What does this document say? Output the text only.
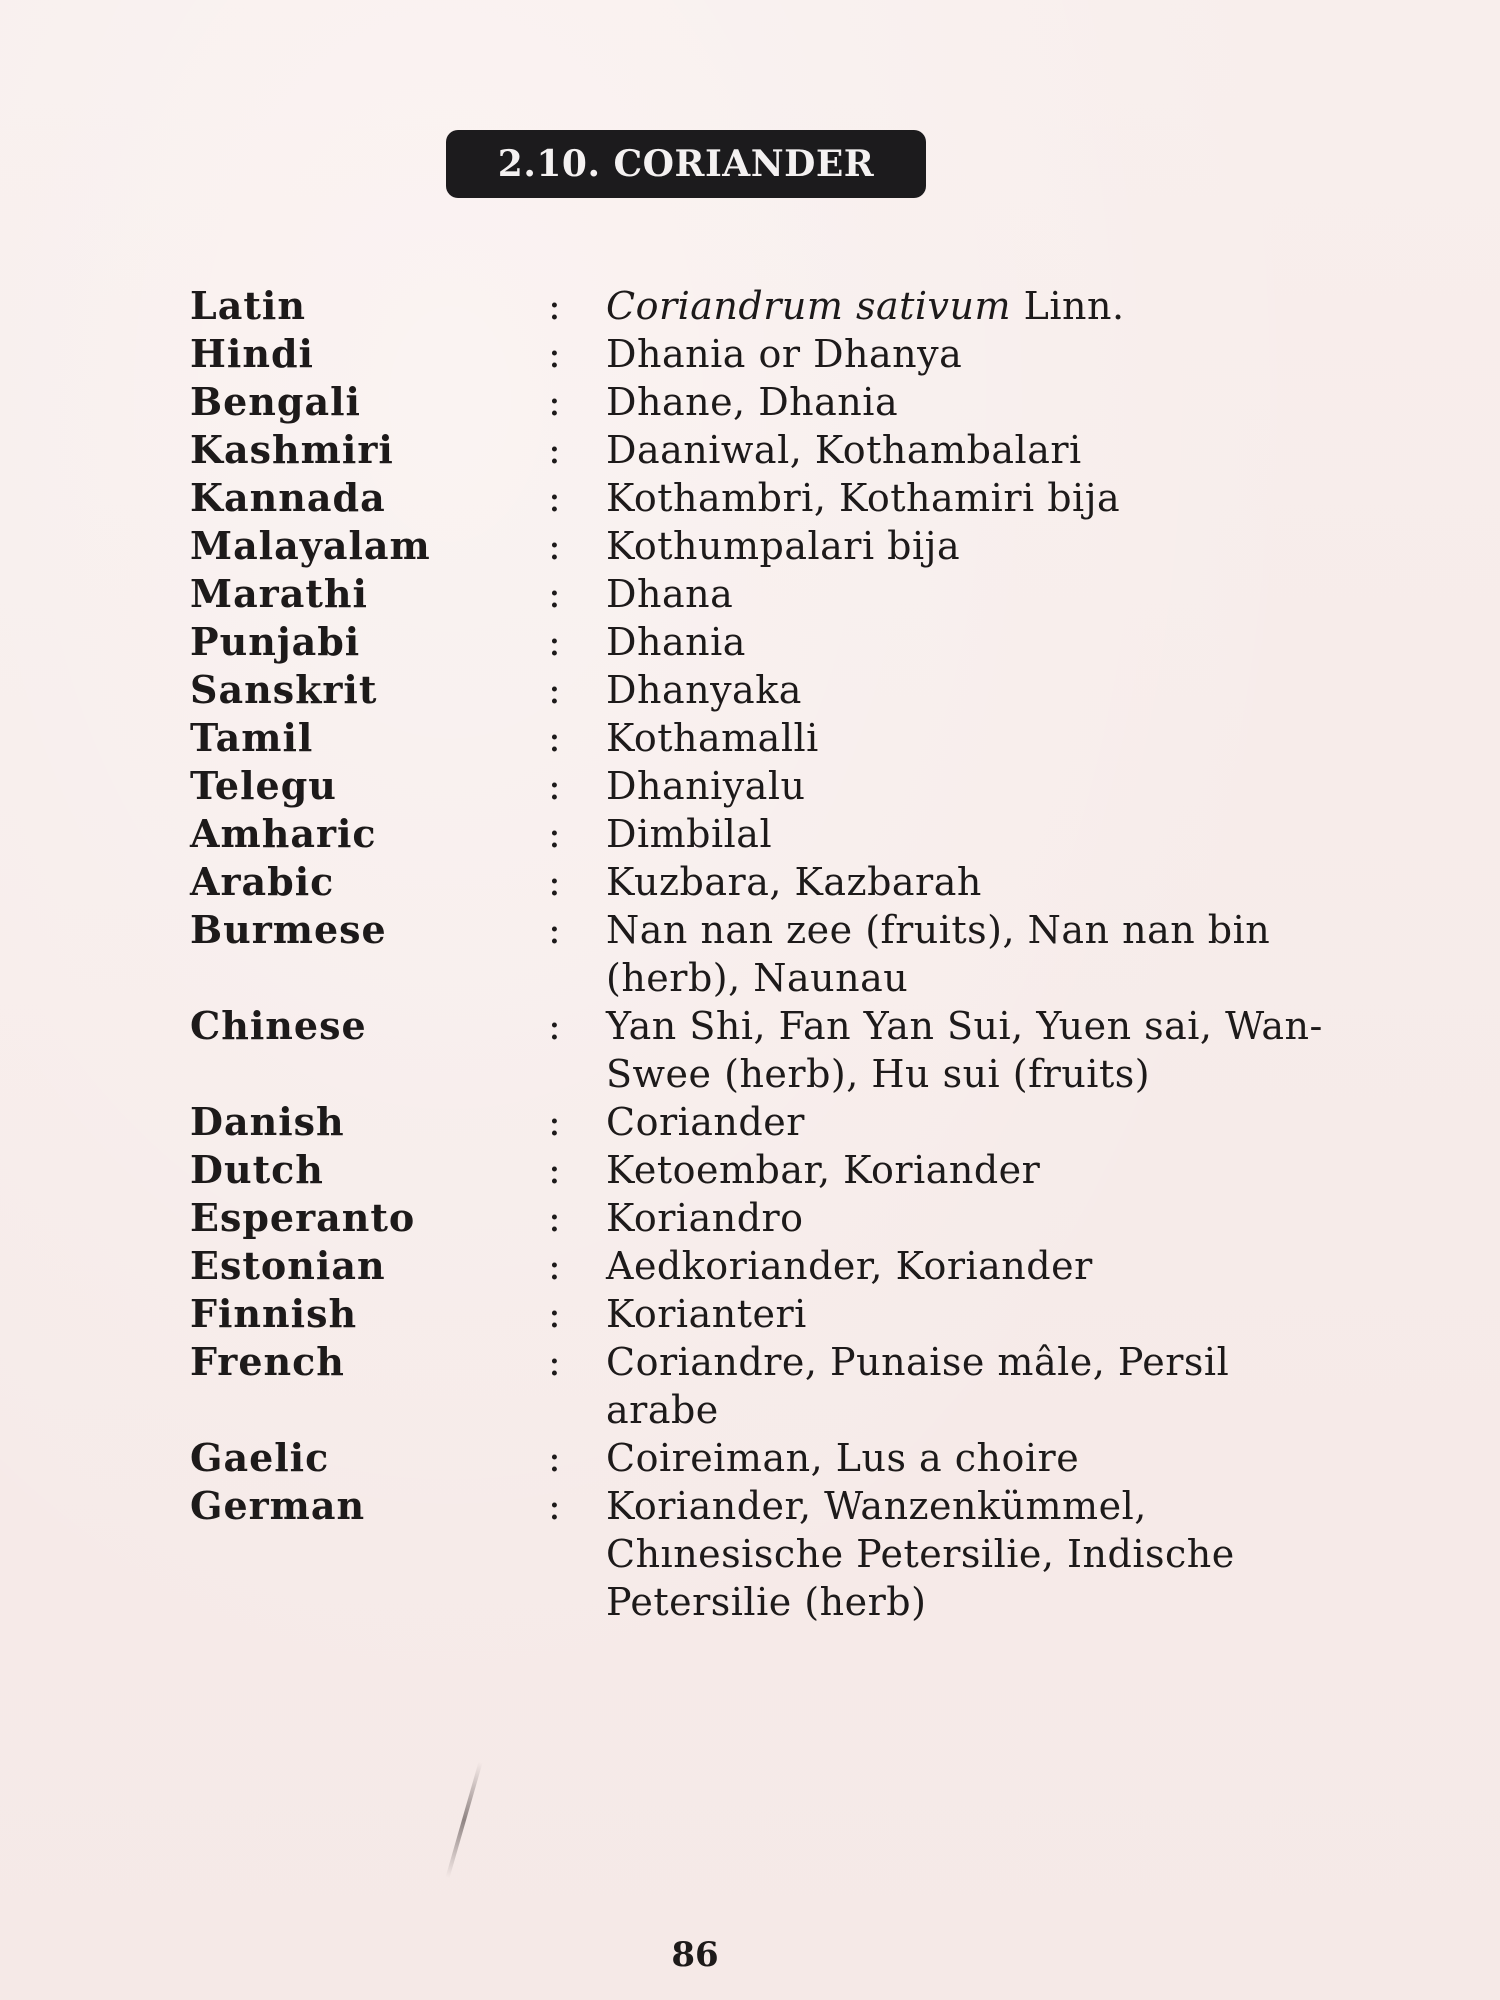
2.10. CORIANDER
Latin	:	Coriandrum sativum Linn.
Hindi	:	Dhania or Dhanya
Bengali	:	Dhane, Dhania
Kashmiri	:	Daaniwal, Kothambalari
Kannada	:	Kothambri, Kothamiri bija
Malayalam	:	Kothumpalari bija
Marathi	:	Dhana
Punjabi	:	Dhania
Sanskrit	:	Dhanyaka
Tamil	:	Kothamalli
Telegu	:	Dhaniyalu
Amharic	:	Dimbilal
Arabic	:	Kuzbara, Kazbarah
Burmese	:	Nan nan zee (fruits), Nan nan bin (herb), Naunau
Chinese	:	Yan Shi, Fan Yan Sui, Yuen sai, Wan-Swee (herb), Hu sui (fruits)
Danish	:	Coriander
Dutch	:	Ketoembar, Koriander
Esperanto	:	Koriandro
Estonian	:	Aedkoriander, Koriander
Finnish	:	Korianteri
French	:	Coriandre, Punaise mâle, Persil arabe
Gaelic	:	Coireiman, Lus a choire
German	:	Koriander, Wanzenkümmel, Chınesische Petersilie, Indische Petersilie (herb)
86
